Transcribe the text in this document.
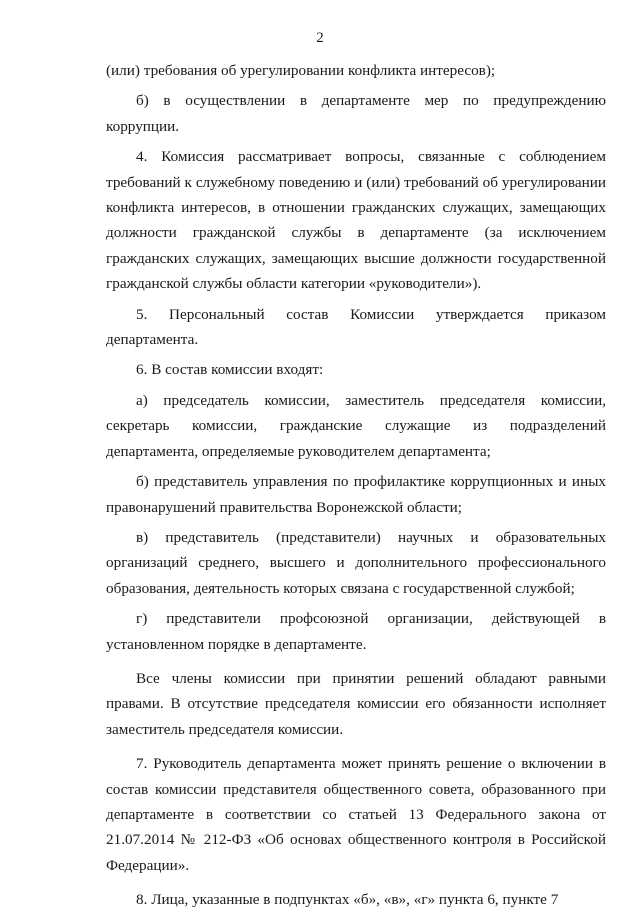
2

(или) требования об урегулировании конфликта интересов);

б) в осуществлении в департаменте мер по предупреждению коррупции.

4. Комиссия рассматривает вопросы, связанные с соблюдением требований к служебному поведению и (или) требований об урегулировании конфликта интересов, в отношении гражданских служащих, замещающих должности гражданской службы в департаменте (за исключением гражданских служащих, замещающих высшие должности государственной гражданской службы области категории «руководители»).

5. Персональный состав Комиссии утверждается приказом департамента.

6. В состав комиссии входят:

а) председатель комиссии, заместитель председателя комиссии, секретарь комиссии, гражданские служащие из подразделений департамента, определяемые руководителем департамента;

б) представитель управления по профилактике коррупционных и иных правонарушений правительства Воронежской области;

в) представитель (представители) научных и образовательных организаций среднего, высшего и дополнительного профессионального образования, деятельность которых связана с государственной службой;

г) представители профсоюзной организации, действующей в установленном порядке в департаменте.

Все члены комиссии при принятии решений обладают равными правами. В отсутствие председателя комиссии его обязанности исполняет заместитель председателя комиссии.

7. Руководитель департамента может принять решение о включении в состав комиссии представителя общественного совета, образованного при департаменте в соответствии со статьей 13 Федерального закона от 21.07.2014 № 212-ФЗ «Об основах общественного контроля в Российской Федерации».

8. Лица, указанные в подпунктах «б», «в», «г» пункта 6, пункте 7
